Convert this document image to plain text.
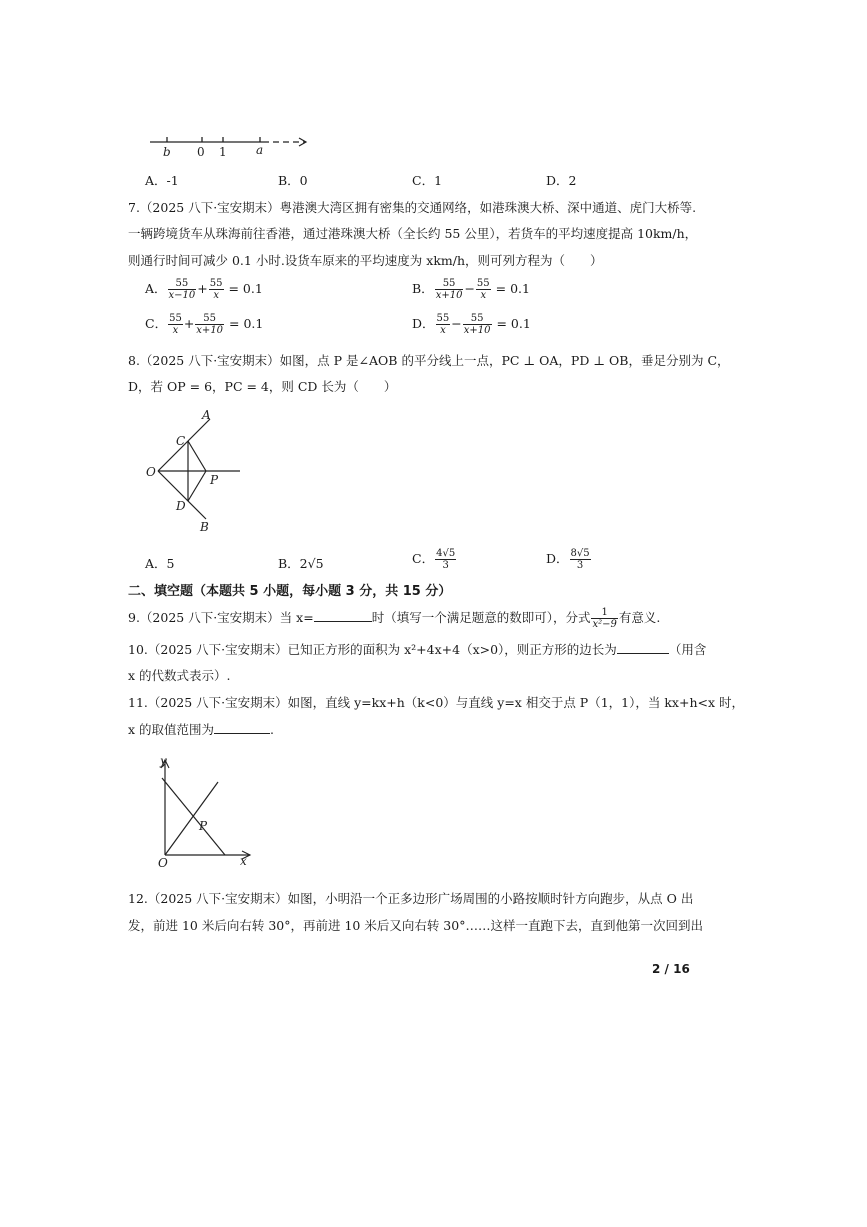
b 0 1 a
A．-1	B．0	C．1	D．2
7.（2025 八下·宝安期末）粤港澳大湾区拥有密集的交通网络，如港珠澳大桥、深中通道、虎门大桥等.
一辆跨境货车从珠海前往香港，通过港珠澳大桥（全长约 55 公里），若货车的平均速度提高 10km/h，
则通行时间可减少 0.1 小时.设货车原来的平均速度为 xkm/h，则可列方程为（　　）
A． $\frac{55}{x-10} + \frac{55}{x} = 0.1$	B． $\frac{55}{x+10} - \frac{55}{x} = 0.1$
C． $\frac{55}{x} + \frac{55}{x+10} = 0.1$	D． $\frac{55}{x} - \frac{55}{x+10} = 0.1$
8.（2025 八下·宝安期末）如图，点 P 是∠AOB 的平分线上一点，PC ⊥ OA，PD ⊥ OB，垂足分别为 C，
D，若 OP = 6，PC = 4，则 CD 长为（　　）
A
C
O
P
D
B
A．5	B．2√5	C． $\frac{4√5}{3}$	D． $\frac{8√5}{3}$
二、填空题（本题共 5 小题，每小题 3 分，共 15 分）
9.（2025 八下·宝安期末）当 x=	时（填写一个满足题意的数即可），分式 $\frac{1}{\text{x²−9}}$ 有意义.
10.（2025 八下·宝安期末）已知正方形的面积为 x²+4x+4（x>0），则正方形的边长为	（用含
x 的代数式表示）.
11.（2025 八下·宝安期末）如图，直线 y=kx+h（k<0）与直线 y=x 相交于点 P（1，1），当 kx+h<x 时，
x 的取值范围为	.
y
x
O
P
12.（2025 八下·宝安期末）如图，小明沿一个正多边形广场周围的小路按顺时针方向跑步，从点 O 出
发，前进 10 米后向右转 30°，再前进 10 米后又向右转 30°……这样一直跑下去，直到他第一次回到出
2 / 16
